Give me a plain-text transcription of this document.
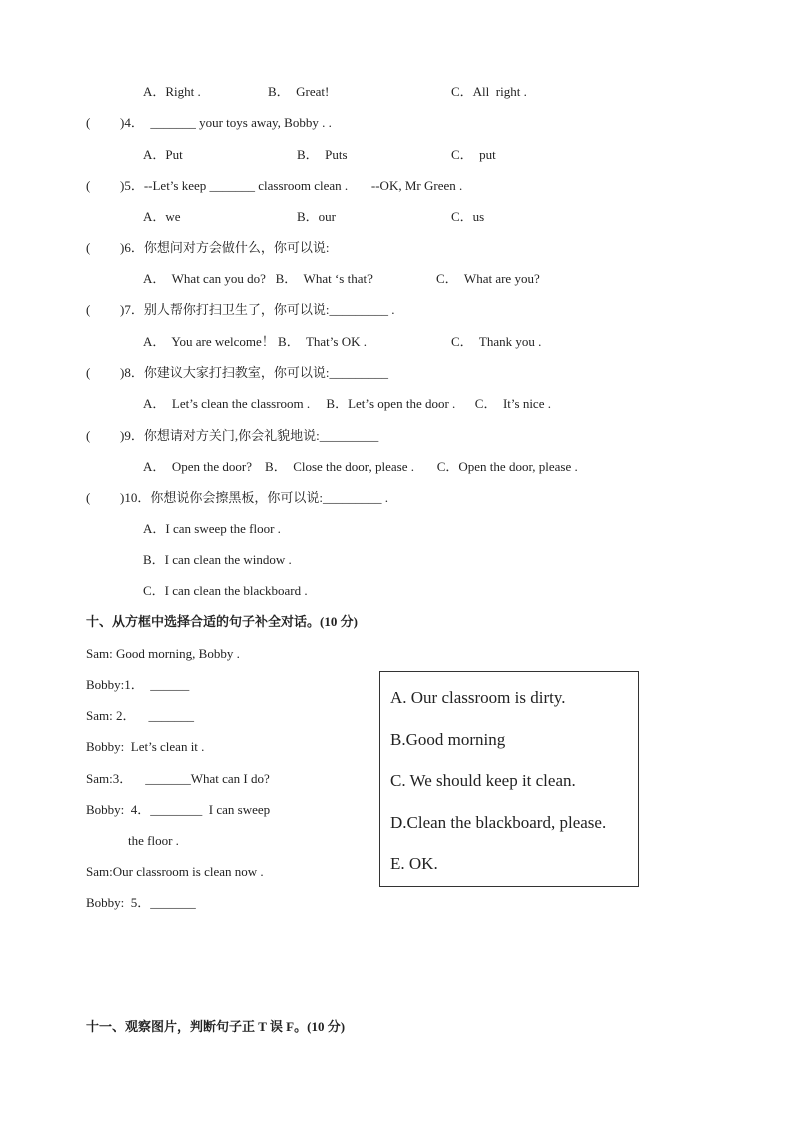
A．Right .	B．  Great!	C．All  right .
( )4．  _______ your toys away, Bobby . .
A．Put	B．  Puts	C．  put
( )5．--Let’s keep _______ classroom clean .       --OK, Mr Green .
A．we	B．our	C．us
( )6．你想问对方会做什么，你可以说:
A．  What can you do?   B．  What ‘s that?	C．  What are you?
( )7．别人帮你打扫卫生了，你可以说:_________ .
A．  You are welcome！ B．  That’s OK .	C．  Thank you .
( )8．你建议大家打扫教室，你可以说:_________
A．  Let’s clean the classroom .     B．Let’s open the door .      C．  It’s nice .
( )9．你想请对方关门,你会礼貌地说:_________
A．  Open the door?    B．  Close the door, please .       C．Open the door, please .
( )10．你想说你会擦黑板，你可以说:_________ .
A．I can sweep the floor .
B．I can clean the window .
C．I can clean the blackboard .
十、从方框中选择合适的句子补全对话。(10 分)
Sam: Good morning, Bobby .
Bobby:1．  ______
Sam: 2．    _______
Bobby:  Let’s clean it .
Sam:3．    _______What can I do?
Bobby:  4．________  I can sweep
the floor .
Sam:Our classroom is clean now .
Bobby:  5．_______
A. Our classroom is dirty.
B.Good morning
C. We should keep it clean.
D.Clean the blackboard, please.
E. OK.
十一、观察图片，判断句子正 T 误 F。(10 分)
